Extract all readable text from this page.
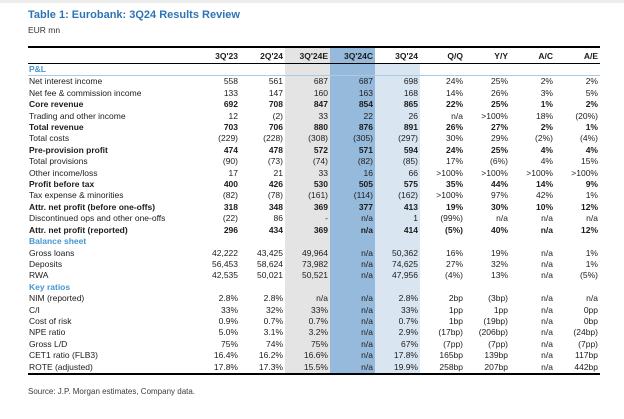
Table 1: Eurobank: 3Q24 Results Review
EUR mn
	3Q'23	2Q'24	3Q'24E	3Q'24C	3Q'24	Q/Q	Y/Y	A/C	A/E
P&L									
Net interest income	558	561	687	687	698	24%	25%	2%	2%
Net fee & commission income	133	147	160	163	168	14%	26%	3%	5%
Core revenue	692	708	847	854	865	22%	25%	1%	2%
Trading and other income	12	(2)	33	22	26	n/a	>100%	18%	(20%)
Total revenue	703	706	880	876	891	26%	27%	2%	1%
Total costs	(229)	(228)	(308)	(305)	(297)	30%	29%	(2%)	(4%)
Pre-provision profit	474	478	572	571	594	24%	25%	4%	4%
Total provisions	(90)	(73)	(74)	(82)	(85)	17%	(6%)	4%	15%
Other income/loss	17	21	33	16	66	>100%	>100%	>100%	>100%
Profit before tax	400	426	530	505	575	35%	44%	14%	9%
Tax expense & minorities	(82)	(78)	(161)	(114)	(162)	>100%	97%	42%	1%
Attr. net profit (before one-offs)	318	348	369	377	413	19%	30%	10%	12%
Discontinued ops and other one-offs	(22)	86	-	n/a	1	(99%)	n/a	n/a	n/a
Attr. net profit (reported)	296	434	369	n/a	414	(5%)	40%	n/a	12%
Balance sheet									
Gross loans	42,222	43,425	49,964	n/a	50,362	16%	19%	n/a	1%
Deposits	56,453	58,624	73,982	n/a	74,625	27%	32%	n/a	1%
RWA	42,535	50,021	50,521	n/a	47,956	(4%)	13%	n/a	(5%)
Key ratios									
NIM (reported)	2.8%	2.8%	n/a	n/a	2.8%	2bp	(3bp)	n/a	n/a
C/I	33%	32%	33%	n/a	33%	1pp	1pp	n/a	0pp
Cost of risk	0.9%	0.7%	0.7%	n/a	0.7%	1bp	(19bp)	n/a	0bp
NPE ratio	5.0%	3.1%	3.2%	n/a	2.9%	(17bp)	(206bp)	n/a	(24bp)
Gross L/D	75%	74%	75%	n/a	67%	(7pp)	(7pp)	n/a	(7pp)
CET1 ratio (FLB3)	16.4%	16.2%	16.6%	n/a	17.8%	165bp	139bp	n/a	117bp
ROTE (adjusted)	17.8%	17.3%	15.5%	n/a	19.9%	258bp	207bp	n/a	442bp
Source: J.P. Morgan estimates, Company data.
